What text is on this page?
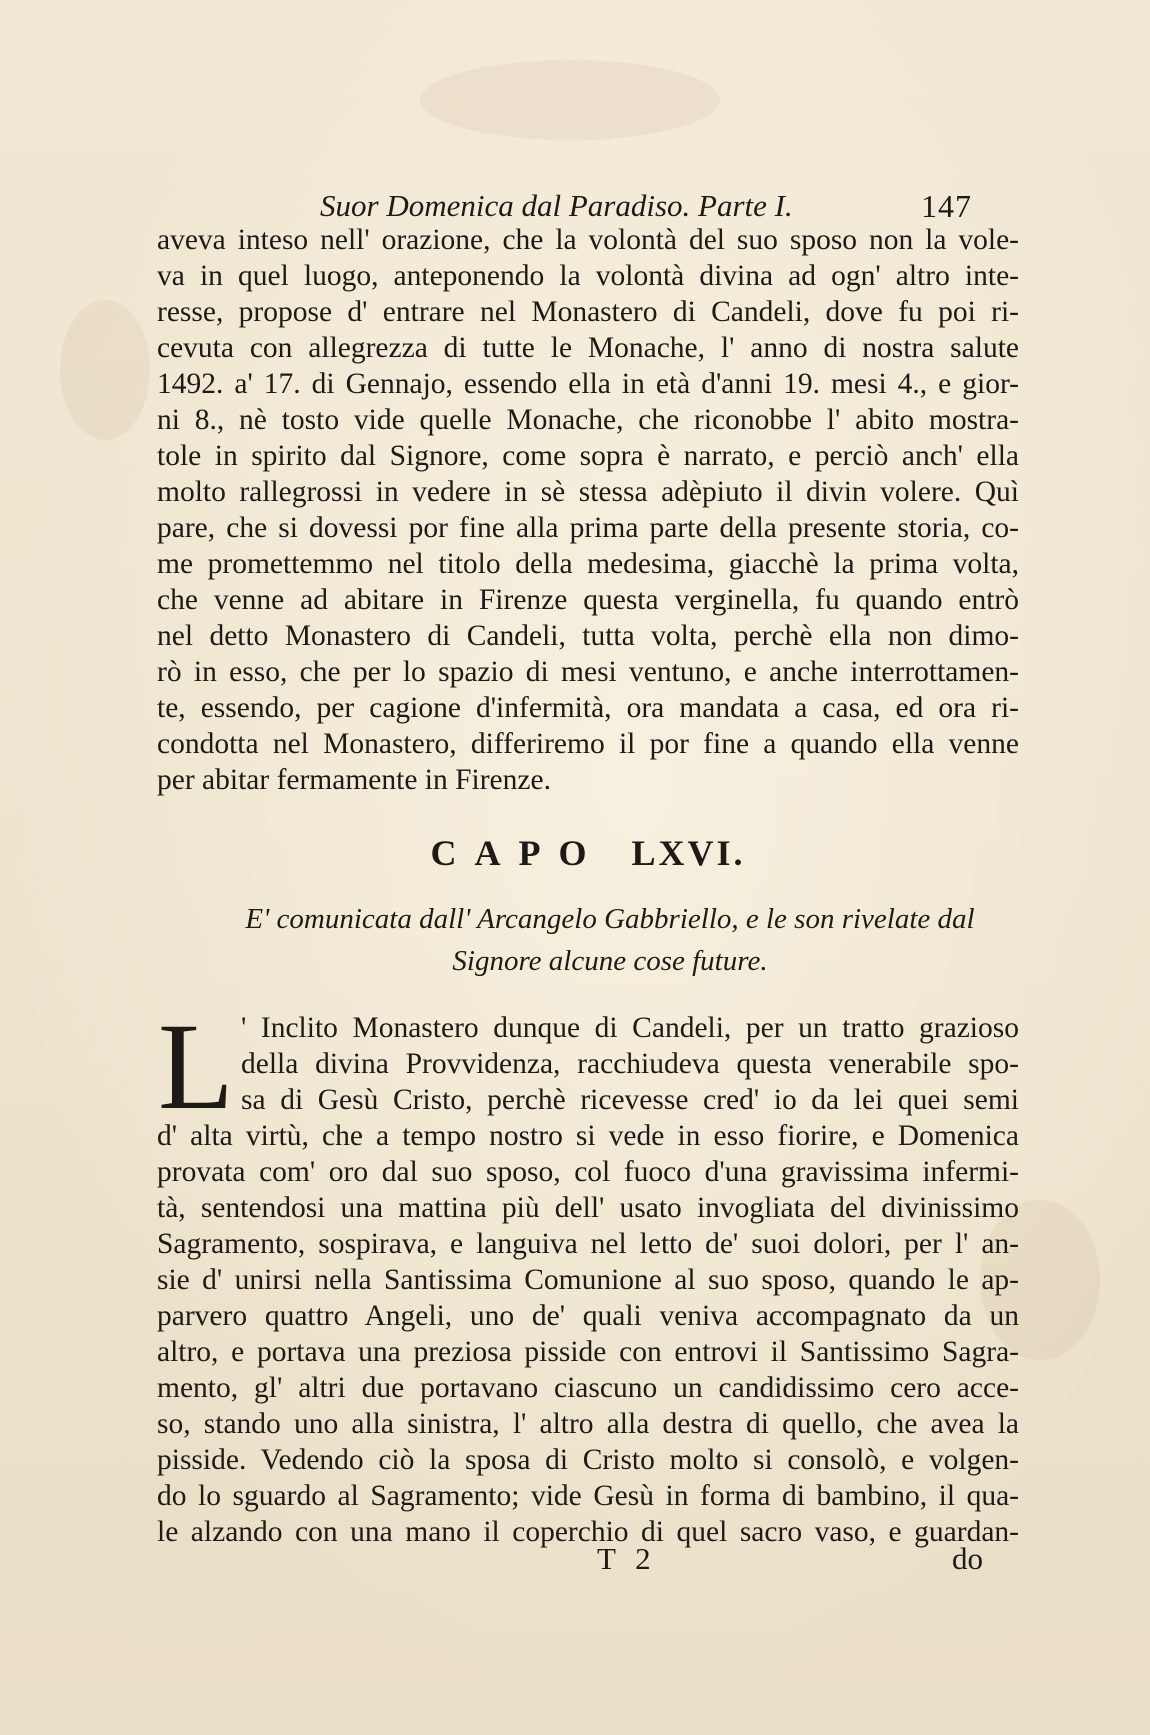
Suor Domenica dal Paradiso. Parte I.	147
aveva inteso nell' orazione, che la volontà del suo sposo non la vole-
va in quel luogo, anteponendo la volontà divina ad ogn' altro inte-
resse, propose d' entrare nel Monastero di Candeli, dove fu poi ri-
cevuta con allegrezza di tutte le Monache, l' anno di nostra salute
1492. a' 17. di Gennajo, essendo ella in età d'anni 19. mesi 4., e gior-
ni 8., nè tosto vide quelle Monache, che riconobbe l' abito mostra-
tole in spirito dal Signore, come sopra è narrato, e perciò anch' ella
molto rallegrossi in vedere in sè stessa adèpiuto il divin volere. Quì
pare, che si dovessi por fine alla prima parte della presente storia, co-
me promettemmo nel titolo della medesima, giacchè la prima volta,
che venne ad abitare in Firenze questa verginella, fu quando entrò
nel detto Monastero di Candeli, tutta volta, perchè ella non dimo-
rò in esso, che per lo spazio di mesi ventuno, e anche interrottamen-
te, essendo, per cagione d'infermità, ora mandata a casa, ed ora ri-
condotta nel Monastero, differiremo il por fine a quando ella venne
per abitar fermamente in Firenze.
CAPO LXVI.
E' comunicata dall' Arcangelo Gabbriello, e le son rivelate dal
Signore alcune cose future.
L ' Inclito Monastero dunque di Candeli, per un tratto grazioso
della divina Provvidenza, racchiudeva questa venerabile spo-
sa di Gesù Cristo, perchè ricevesse cred' io da lei quei semi
d' alta virtù, che a tempo nostro si vede in esso fiorire, e Domenica
provata com' oro dal suo sposo, col fuoco d'una gravissima infermi-
tà, sentendosi una mattina più dell' usato invogliata del divinissimo
Sagramento, sospirava, e languiva nel letto de' suoi dolori, per l' an-
sie d' unirsi nella Santissima Comunione al suo sposo, quando le ap-
parvero quattro Angeli, uno de' quali veniva accompagnato da un
altro, e portava una preziosa pisside con entrovi il Santissimo Sagra-
mento, gl' altri due portavano ciascuno un candidissimo cero acce-
so, stando uno alla sinistra, l' altro alla destra di quello, che avea la
pisside. Vedendo ciò la sposa di Cristo molto si consolò, e volgen-
do lo sguardo al Sagramento; vide Gesù in forma di bambino, il qua-
le alzando con una mano il coperchio di quel sacro vaso, e guardan-
T 2	do
